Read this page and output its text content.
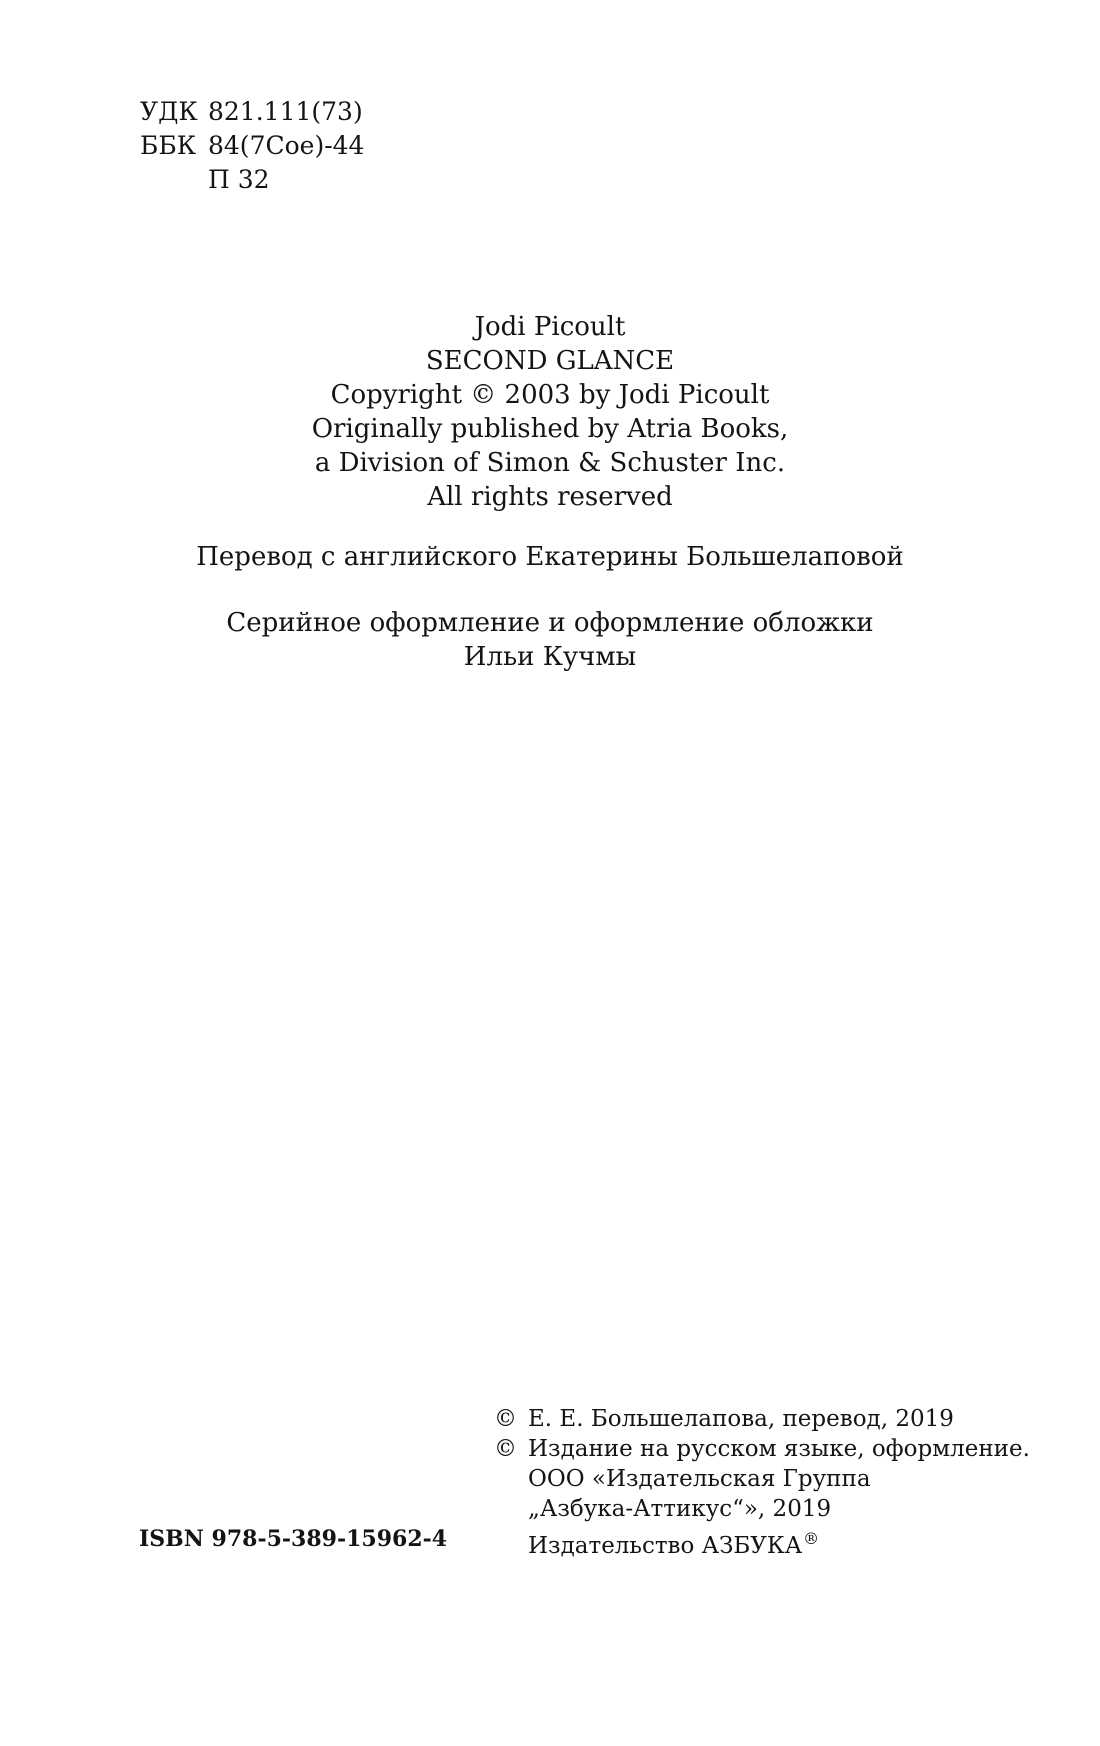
УДК 821.111(73)
ББК 84(7Сое)-44
П 32
Jodi Picoult
SECOND GLANCE
Copyright © 2003 by Jodi Picoult
Originally published by Atria Books,
a Division of Simon & Schuster Inc.
All rights reserved
Перевод с английского Екатерины Большелаповой
Серийное оформление и оформление обложки
Ильи Кучмы
© Е. Е. Большелапова, перевод, 2019
© Издание на русском языке, оформление.
ООО «Издательская Группа
„Азбука-Аттикус“», 2019
Издательство АЗБУКА®
ISBN 978-5-389-15962-4
